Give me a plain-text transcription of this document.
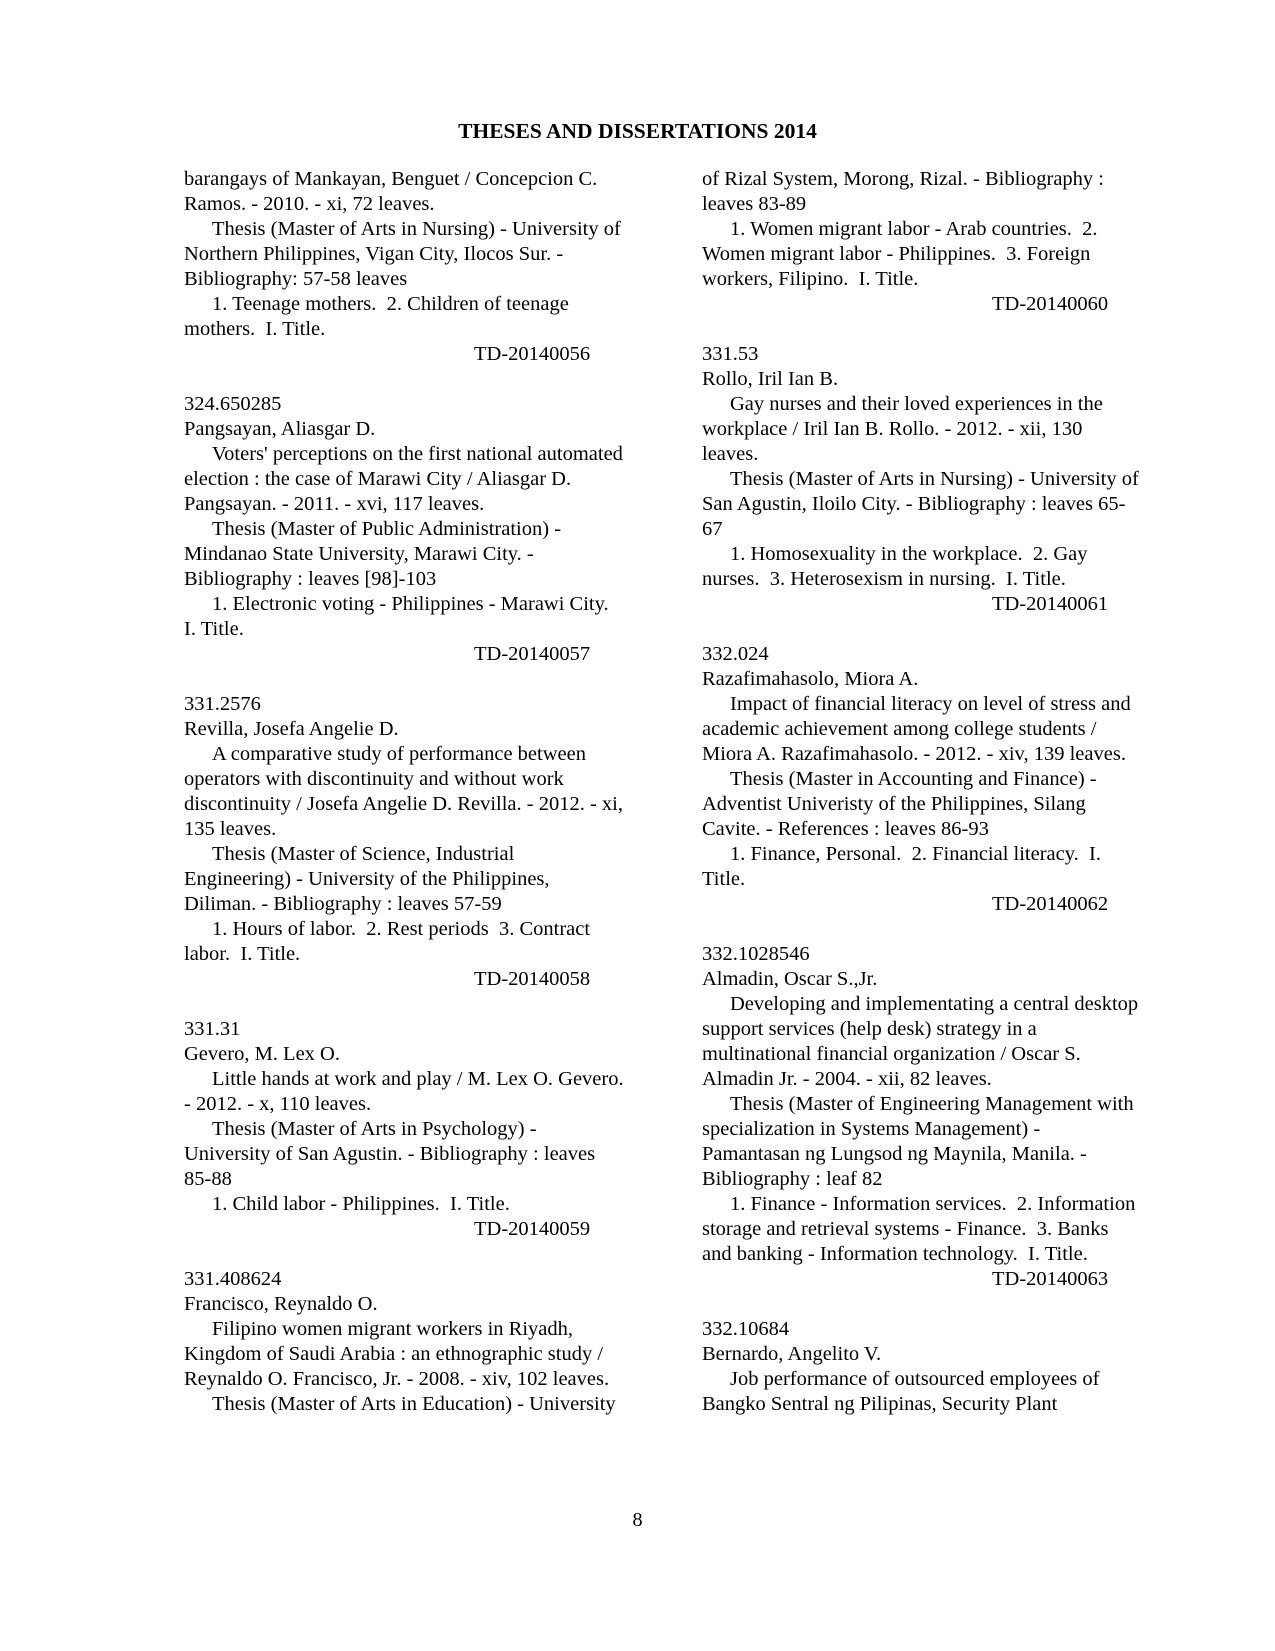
THESES AND DISSERTATIONS 2014
barangays of Mankayan, Benguet / Concepcion C.
Ramos. - 2010. - xi, 72 leaves.
Thesis (Master of Arts in Nursing) - University of
Northern Philippines, Vigan City, Ilocos Sur. -
Bibliography: 57-58 leaves
1. Teenage mothers.  2. Children of teenage
mothers.  I. Title.
TD-20140056
324.650285
Pangsayan, Aliasgar D.
Voters' perceptions on the first national automated
election : the case of Marawi City / Aliasgar D.
Pangsayan. - 2011. - xvi, 117 leaves.
Thesis (Master of Public Administration) -
Mindanao State University, Marawi City. -
Bibliography : leaves [98]-103
1. Electronic voting - Philippines - Marawi City.
I. Title.
TD-20140057
331.2576
Revilla, Josefa Angelie D.
A comparative study of performance between
operators with discontinuity and without work
discontinuity / Josefa Angelie D. Revilla. - 2012. - xi,
135 leaves.
Thesis (Master of Science, Industrial
Engineering) - University of the Philippines,
Diliman. - Bibliography : leaves 57-59
1. Hours of labor.  2. Rest periods  3. Contract
labor.  I. Title.
TD-20140058
331.31
Gevero, M. Lex O.
Little hands at work and play / M. Lex O. Gevero.
- 2012. - x, 110 leaves.
Thesis (Master of Arts in Psychology) -
University of San Agustin. - Bibliography : leaves
85-88
1. Child labor - Philippines.  I. Title.
TD-20140059
331.408624
Francisco, Reynaldo O.
Filipino women migrant workers in Riyadh,
Kingdom of Saudi Arabia : an ethnographic study /
Reynaldo O. Francisco, Jr. - 2008. - xiv, 102 leaves.
Thesis (Master of Arts in Education) - University
of Rizal System, Morong, Rizal. - Bibliography :
leaves 83-89
1. Women migrant labor - Arab countries.  2.
Women migrant labor - Philippines.  3. Foreign
workers, Filipino.  I. Title.
TD-20140060
331.53
Rollo, Iril Ian B.
Gay nurses and their loved experiences in the
workplace / Iril Ian B. Rollo. - 2012. - xii, 130
leaves.
Thesis (Master of Arts in Nursing) - University of
San Agustin, Iloilo City. - Bibliography : leaves 65-
67
1. Homosexuality in the workplace.  2. Gay
nurses.  3. Heterosexism in nursing.  I. Title.
TD-20140061
332.024
Razafimahasolo, Miora A.
Impact of financial literacy on level of stress and
academic achievement among college students /
Miora A. Razafimahasolo. - 2012. - xiv, 139 leaves.
Thesis (Master in Accounting and Finance) -
Adventist Univeristy of the Philippines, Silang
Cavite. - References : leaves 86-93
1. Finance, Personal.  2. Financial literacy.  I.
Title.
TD-20140062
332.1028546
Almadin, Oscar S.,Jr.
Developing and implementating a central desktop
support services (help desk) strategy in a
multinational financial organization / Oscar S.
Almadin Jr. - 2004. - xii, 82 leaves.
Thesis (Master of Engineering Management with
specialization in Systems Management) -
Pamantasan ng Lungsod ng Maynila, Manila. -
Bibliography : leaf 82
1. Finance - Information services.  2. Information
storage and retrieval systems - Finance.  3. Banks
and banking - Information technology.  I. Title.
TD-20140063
332.10684
Bernardo, Angelito V.
Job performance of outsourced employees of
Bangko Sentral ng Pilipinas, Security Plant
8
